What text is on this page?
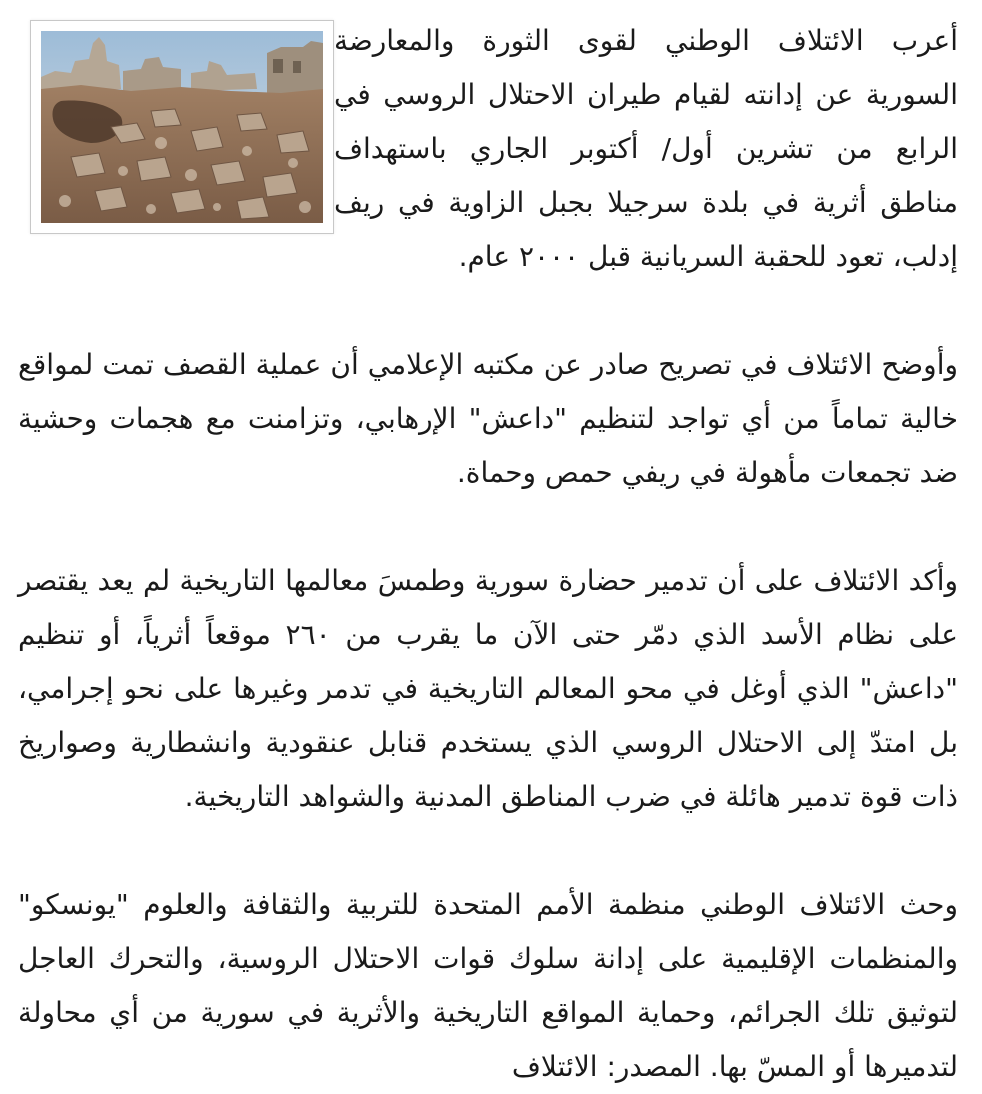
أعرب الائتلاف الوطني لقوى الثورة والمعارضة السورية عن إدانته لقيام طيران الاحتلال الروسي في الرابع من تشرين أول/ أكتوبر الجاري باستهداف مناطق أثرية في بلدة سرجيلا بجبل الزاوية في ريف إدلب، تعود للحقبة السريانية قبل ٢٠٠٠ عام.

وأوضح الائتلاف في تصريح صادر عن مكتبه الإعلامي أن عملية القصف تمت لمواقع خالية تماماً من أي تواجد لتنظيم "داعش" الإرهابي، وتزامنت مع هجمات وحشية ضد تجمعات مأهولة في ريفي حمص وحماة.

وأكد الائتلاف على أن تدمير حضارة سورية وطمسَ معالمها التاريخية لم يعد يقتصر على نظام الأسد الذي دمّر حتى الآن ما يقرب من ٢٦٠ موقعاً أثرياً، أو تنظيم "داعش" الذي أوغل في محو المعالم التاريخية في تدمر وغيرها على نحو إجرامي، بل امتدّ إلى الاحتلال الروسي الذي يستخدم قنابل عنقودية وانشطارية وصواريخ ذات قوة تدمير هائلة في ضرب المناطق المدنية والشواهد التاريخية.

وحث الائتلاف الوطني منظمة الأمم المتحدة للتربية والثقافة والعلوم "يونسكو" والمنظمات الإقليمية على إدانة سلوك قوات الاحتلال الروسية، والتحرك العاجل لتوثيق تلك الجرائم، وحماية المواقع التاريخية والأثرية في سورية من أي محاولة لتدميرها أو المسّ بها. المصدر: الائتلاف
